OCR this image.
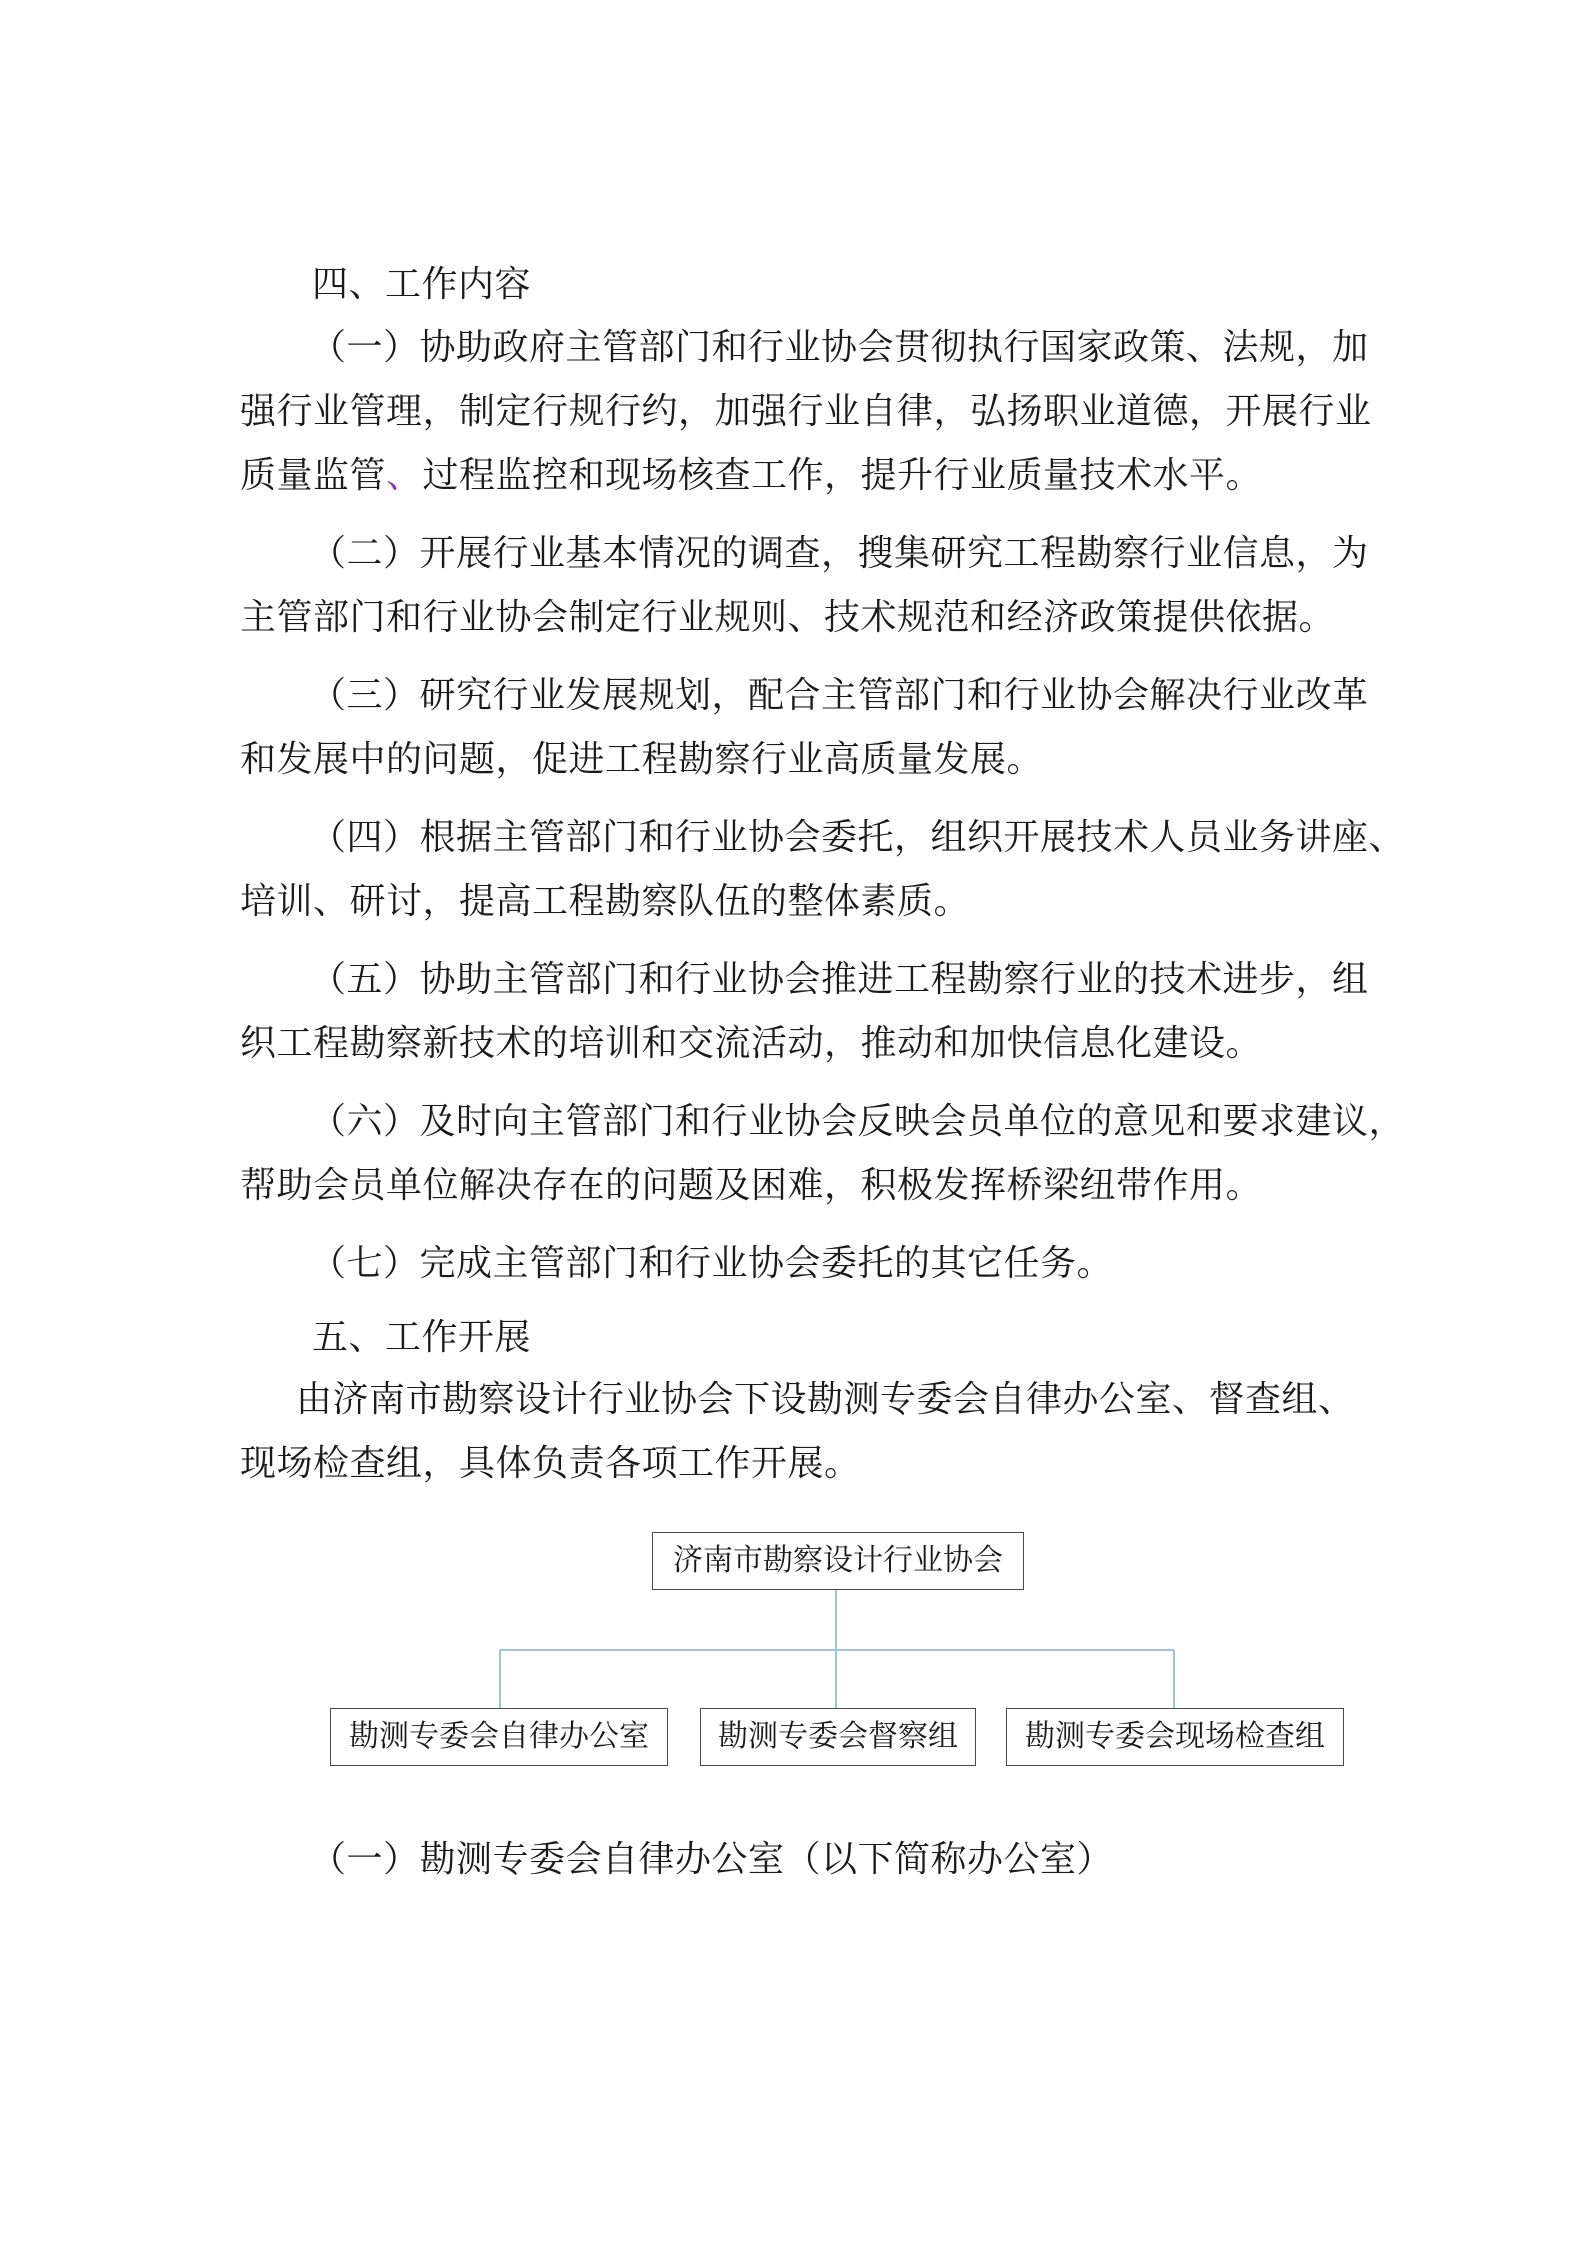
四、工作内容
（一）协助政府主管部门和行业协会贯彻执行国家政策、法规，加
强行业管理，制定行规行约，加强行业自律，弘扬职业道德，开展行业
质量监管、过程监控和现场核查工作，提升行业质量技术水平。
（二）开展行业基本情况的调查，搜集研究工程勘察行业信息，为
主管部门和行业协会制定行业规则、技术规范和经济政策提供依据。
（三）研究行业发展规划，配合主管部门和行业协会解决行业改革
和发展中的问题，促进工程勘察行业高质量发展。
（四）根据主管部门和行业协会委托，组织开展技术人员业务讲座、
培训、研讨，提高工程勘察队伍的整体素质。
（五）协助主管部门和行业协会推进工程勘察行业的技术进步，组
织工程勘察新技术的培训和交流活动，推动和加快信息化建设。
（六）及时向主管部门和行业协会反映会员单位的意见和要求建议，
帮助会员单位解决存在的问题及困难，积极发挥桥梁纽带作用。
（七）完成主管部门和行业协会委托的其它任务。
五、工作开展
由济南市勘察设计行业协会下设勘测专委会自律办公室、督查组、
现场检查组，具体负责各项工作开展。
济南市勘察设计行业协会
勘测专委会自律办公室	勘测专委会督察组	勘测专委会现场检查组
（一）勘测专委会自律办公室（以下简称办公室）
